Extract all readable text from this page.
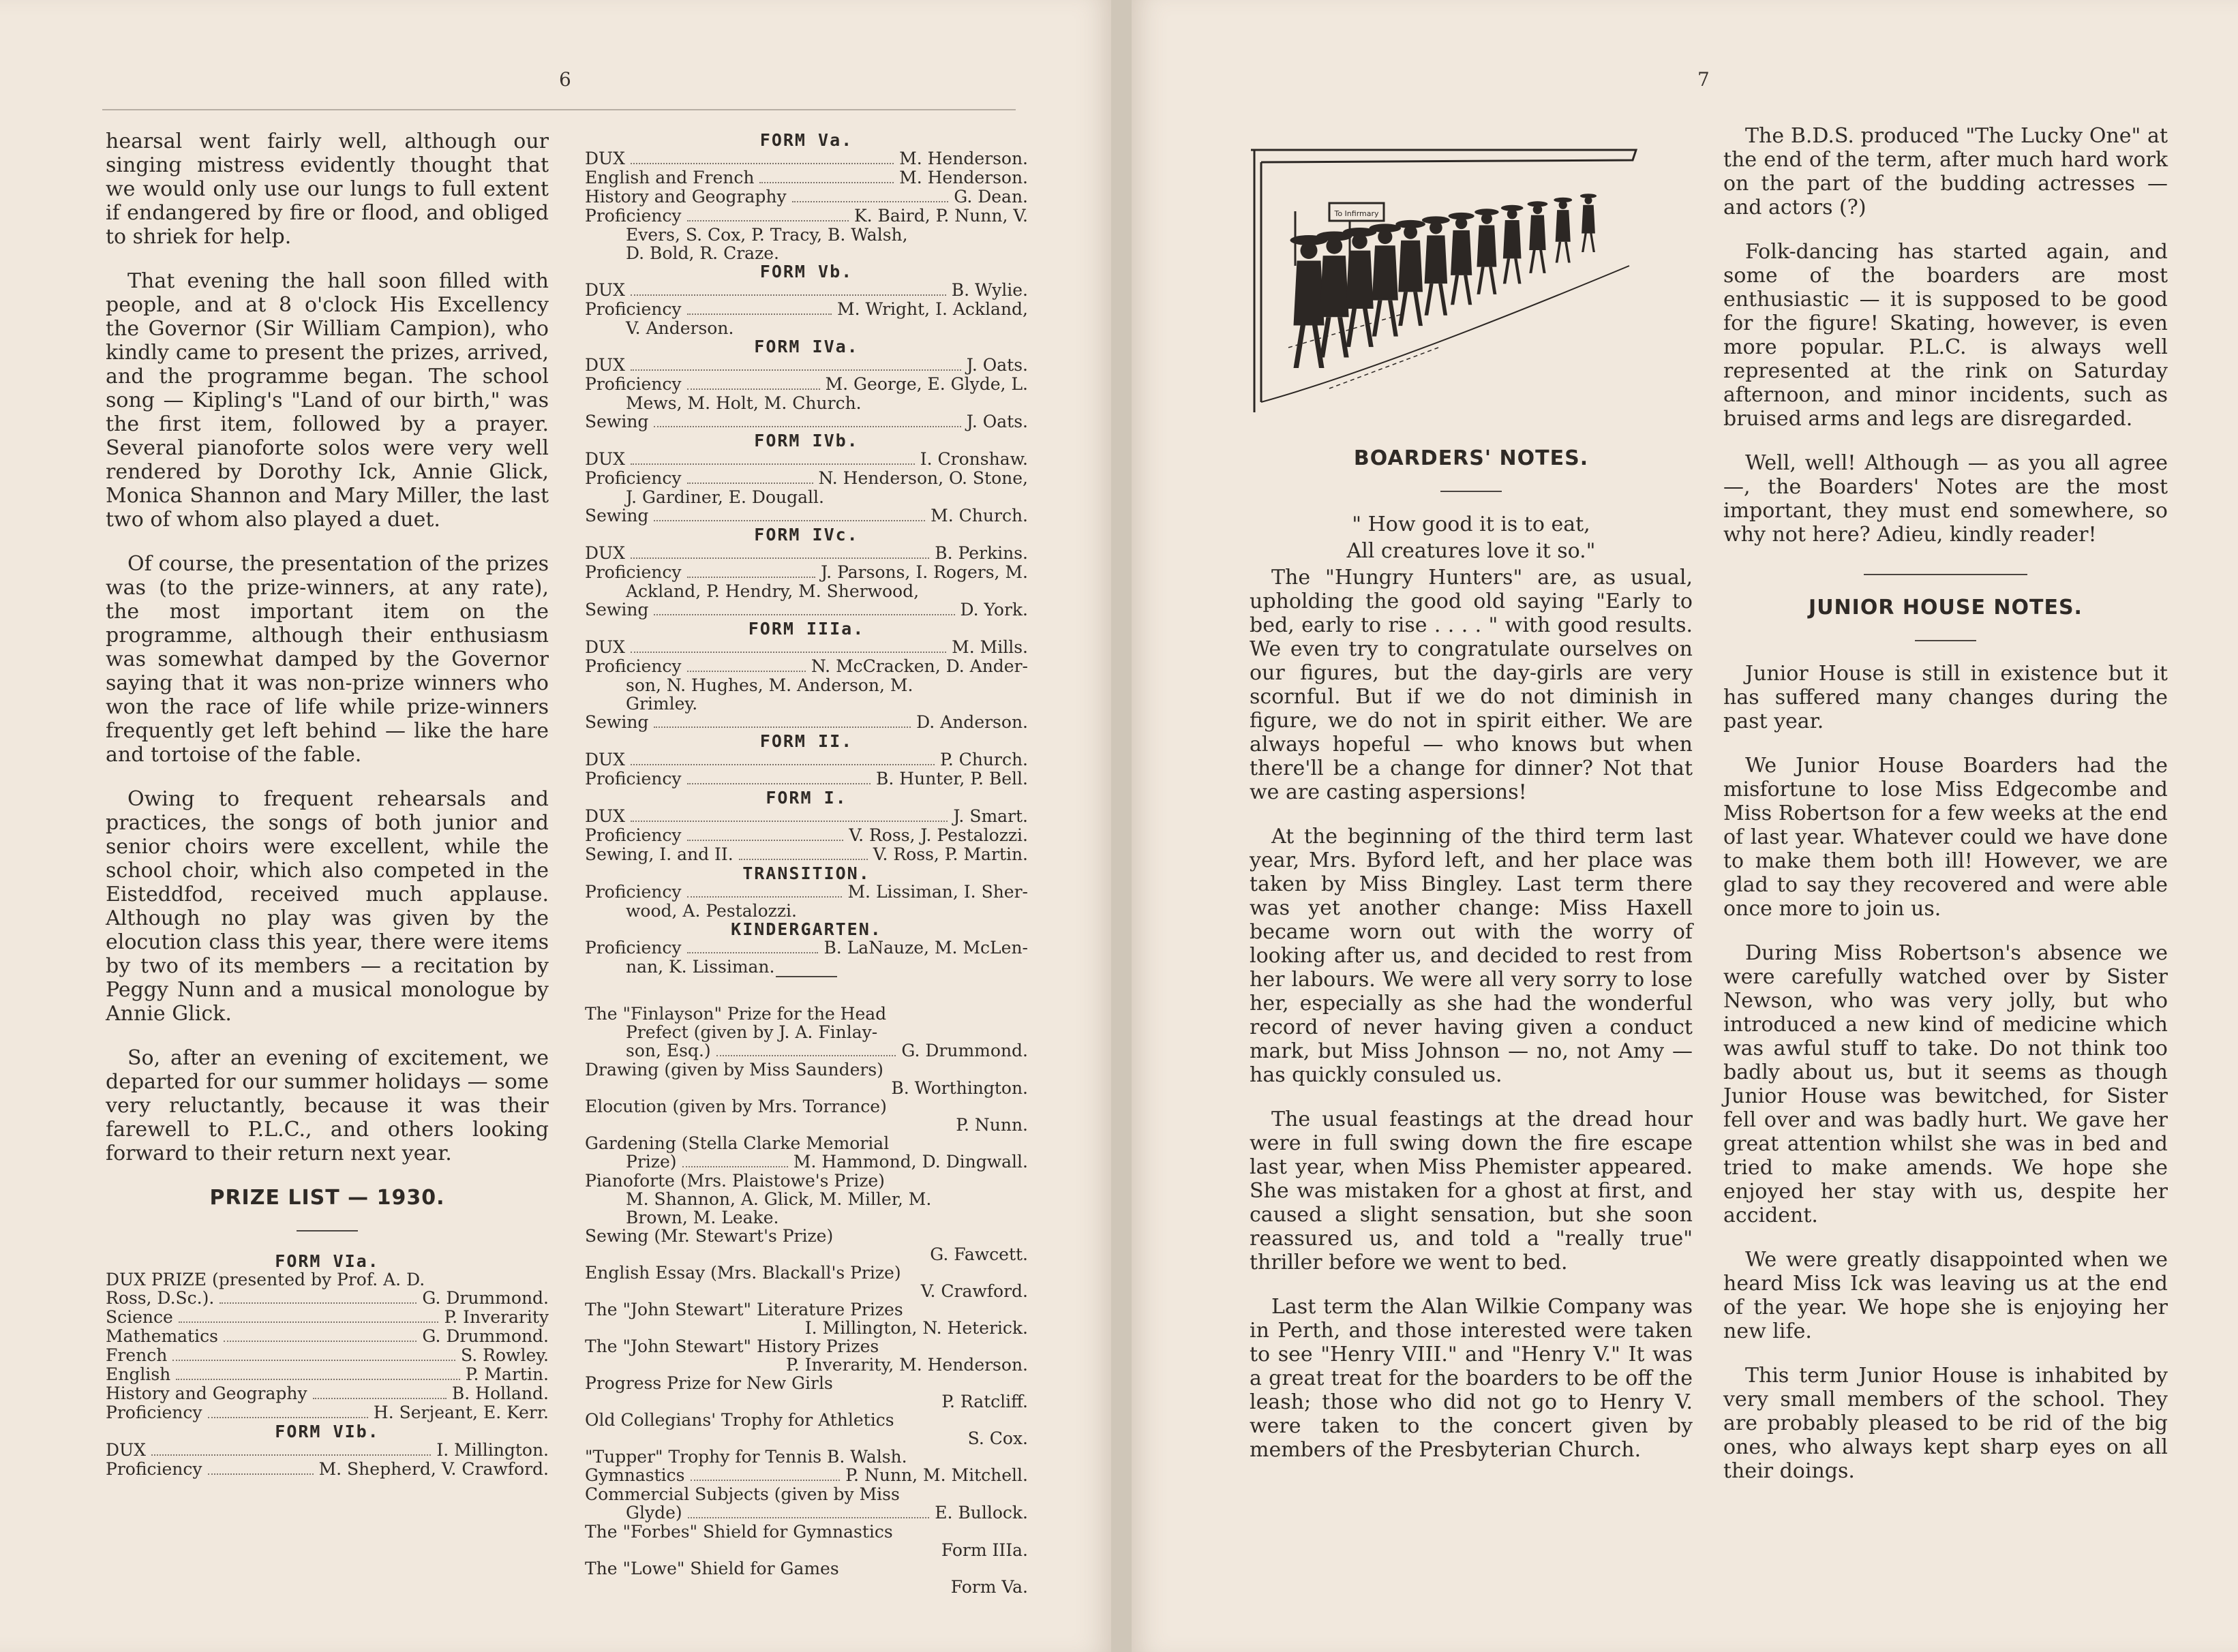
6

hearsal went fairly well, although our singing mistress evidently thought that we would only use our lungs to full extent if endangered by fire or flood, and obliged to shriek for help.

That evening the hall soon filled with people, and at 8 o'clock His Excellency the Governor (Sir William Campion), who kindly came to present the prizes, arrived, and the programme began. The school song — Kipling's "Land of our birth," was the first item, followed by a prayer. Several pianoforte solos were very well rendered by Dorothy Ick, Annie Glick, Monica Shannon and Mary Miller, the last two of whom also played a duet.

Of course, the presentation of the prizes was (to the prize-winners, at any rate), the most important item on the programme, although their enthusiasm was somewhat damped by the Governor saying that it was non-prize winners who won the race of life while prize-winners frequently get left behind — like the hare and tortoise of the fable.

Owing to frequent rehearsals and practices, the songs of both junior and senior choirs were excellent, while the school choir, which also competed in the Eisteddfod, received much applause. Although no play was given by the elocution class this year, there were items by two of its members — a recitation by Peggy Nunn and a musical monologue by Annie Glick.

So, after an evening of excitement, we departed for our summer holidays — some very reluctantly, because it was their farewell to P.L.C., and others looking forward to their return next year.

PRIZE LIST — 1930.
FORM VIa.
DUX PRIZE (presented by Prof. A. D.
Ross, D.Sc.).	G. Drummond.
Science	P. Inverarity
Mathematics	G. Drummond.
French	S. Rowley.
English	P. Martin.
History and Geography	B. Holland.
Proficiency	H. Serjeant, E. Kerr.
FORM VIb.
DUX	I. Millington.
Proficiency	M. Shepherd, V. Crawford.
FORM Va.
DUX	M. Henderson.
English and French	M. Henderson.
History and Geography	G. Dean.
Proficiency	K. Baird, P. Nunn, V.
Evers, S. Cox, P. Tracy, B. Walsh,
D. Bold, R. Craze.
FORM Vb.
DUX	B. Wylie.
Proficiency	M. Wright, I. Ackland,
V. Anderson.
FORM IVa.
DUX	J. Oats.
Proficiency	M. George, E. Glyde, L.
Mews, M. Holt, M. Church.
Sewing	J. Oats.
FORM IVb.
DUX	I. Cronshaw.
Proficiency	N. Henderson, O. Stone,
J. Gardiner, E. Dougall.
Sewing	M. Church.
FORM IVc.
DUX	B. Perkins.
Proficiency	J. Parsons, I. Rogers, M.
Ackland, P. Hendry, M. Sherwood,
Sewing	D. York.
FORM IIIa.
DUX	M. Mills.
Proficiency	N. McCracken, D. Ander-
son, N. Hughes, M. Anderson, M.
Grimley.
Sewing	D. Anderson.
FORM II.
DUX	P. Church.
Proficiency	B. Hunter, P. Bell.
FORM I.
DUX	J. Smart.
Proficiency	V. Ross, J. Pestalozzi.
Sewing, I. and II.	V. Ross, P. Martin.
TRANSITION.
Proficiency	M. Lissiman, I. Sher-
wood, A. Pestalozzi.
KINDERGARTEN.
Proficiency	B. LaNauze, M. McLen-
nan, K. Lissiman.
The "Finlayson" Prize for the Head
Prefect (given by J. A. Finlay-
son, Esq.)	G. Drummond.
Drawing (given by Miss Saunders)
B. Worthington.
Elocution (given by Mrs. Torrance)
P. Nunn.
Gardening (Stella Clarke Memorial
Prize)	M. Hammond, D. Dingwall.
Pianoforte (Mrs. Plaistowe's Prize)
M. Shannon, A. Glick, M. Miller, M.
Brown, M. Leake.
Sewing (Mr. Stewart's Prize)
G. Fawcett.
English Essay (Mrs. Blackall's Prize)
V. Crawford.
The "John Stewart" Literature Prizes
I. Millington, N. Heterick.
The "John Stewart" History Prizes
P. Inverarity, M. Henderson.
Progress Prize for New Girls
P. Ratcliff.
Old Collegians' Trophy for Athletics
S. Cox.
"Tupper" Trophy for Tennis B. Walsh.
Gymnastics	P. Nunn, M. Mitchell.
Commercial Subjects (given by Miss
Glyde)	E. Bullock.
The "Forbes" Shield for Gymnastics
Form IIIa.
The "Lowe" Shield for Games
Form Va.
7
To Infirmary
BOARDERS' NOTES.
" How good it is to eat,
All creatures love it so."

The "Hungry Hunters" are, as usual, upholding the good old saying "Early to bed, early to rise . . . . " with good results. We even try to congratulate ourselves on our figures, but the day-girls are very scornful. But if we do not diminish in figure, we do not in spirit either. We are always hopeful — who knows but when there'll be a change for dinner? Not that we are casting aspersions!

At the beginning of the third term last year, Mrs. Byford left, and her place was taken by Miss Bingley. Last term there was yet another change: Miss Haxell became worn out with the worry of looking after us, and decided to rest from her labours. We were all very sorry to lose her, especially as she had the wonderful record of never having given a conduct mark, but Miss Johnson — no, not Amy — has quickly consuled us.

The usual feastings at the dread hour were in full swing down the fire escape last year, when Miss Phemister appeared. She was mistaken for a ghost at first, and caused a slight sensation, but she soon reassured us, and told a "really true" thriller before we went to bed.

Last term the Alan Wilkie Company was in Perth, and those interested were taken to see "Henry VIII." and "Henry V." It was a great treat for the boarders to be off the leash; those who did not go to Henry V. were taken to the concert given by members of the Presbyterian Church.

The B.D.S. produced "The Lucky One" at the end of the term, after much hard work on the part of the budding actresses — and actors (?)

Folk-dancing has started again, and some of the boarders are most enthusiastic — it is supposed to be good for the figure! Skating, however, is even more popular. P.L.C. is always well represented at the rink on Saturday afternoon, and minor incidents, such as bruised arms and legs are disregarded.

Well, well! Although — as you all agree —, the Boarders' Notes are the most important, they must end somewhere, so why not here? Adieu, kindly reader!

JUNIOR HOUSE NOTES.

Junior House is still in existence but it has suffered many changes during the past year.

We Junior House Boarders had the misfortune to lose Miss Edgecombe and Miss Robertson for a few weeks at the end of last year. Whatever could we have done to make them both ill! However, we are glad to say they recovered and were able once more to join us.

During Miss Robertson's absence we were carefully watched over by Sister Newson, who was very jolly, but who introduced a new kind of medicine which was awful stuff to take. Do not think too badly about us, but it seems as though Junior House was bewitched, for Sister fell over and was badly hurt. We gave her great attention whilst she was in bed and tried to make amends. We hope she enjoyed her stay with us, despite her accident.

We were greatly disappointed when we heard Miss Ick was leaving us at the end of the year. We hope she is enjoying her new life.

This term Junior House is inhabited by very small members of the school. They are probably pleased to be rid of the big ones, who always kept sharp eyes on all their doings.
